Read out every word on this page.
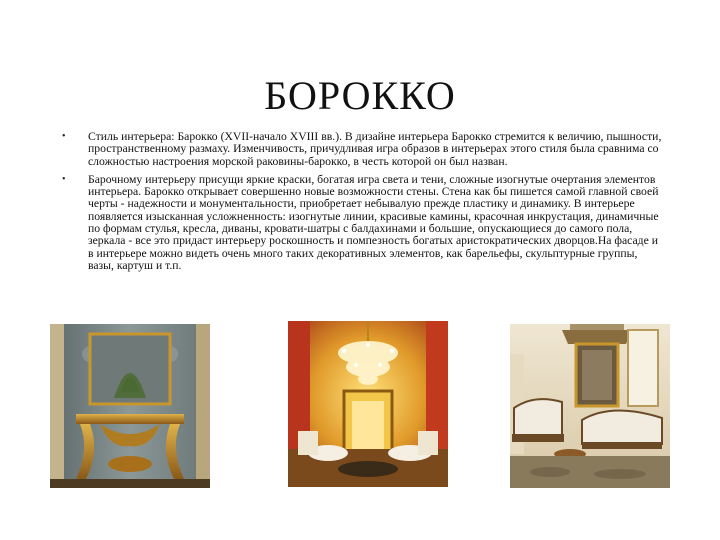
БОРОККО
• Стиль интерьера: Барокко (XVII-начало XVIII вв.). В дизайне интерьера Барокко стремится к величию, пышности, пространственному размаху. Изменчивость, причудливая игра образов в интерьерах этого стиля была сравнима со сложностью настроения морской раковины-барокко, в честь которой он был назван.
• Барочному интерьеру присущи яркие краски, богатая игра света и тени, сложные изогнутые очертания элементов интерьера. Барокко открывает совершенно новые возможности стены. Стена как бы пишется самой главной своей черты - надежности и монументальности, приобретает небывалую прежде пластику и динамику. В интерьере появляется изысканная усложненность: изогнутые линии, красивые камины, красочная инкрустация, динамичные по формам стулья, кресла, диваны, кровати-шатры с балдахинами и большие, опускающиеся до самого пола, зеркала - все это придаст интерьеру роскошность и помпезность богатых аристократических дворцов.На фасаде и в интерьере можно видеть очень много таких декоративных элементов, как барельефы, скульптурные группы, вазы, картуш и т.п.
